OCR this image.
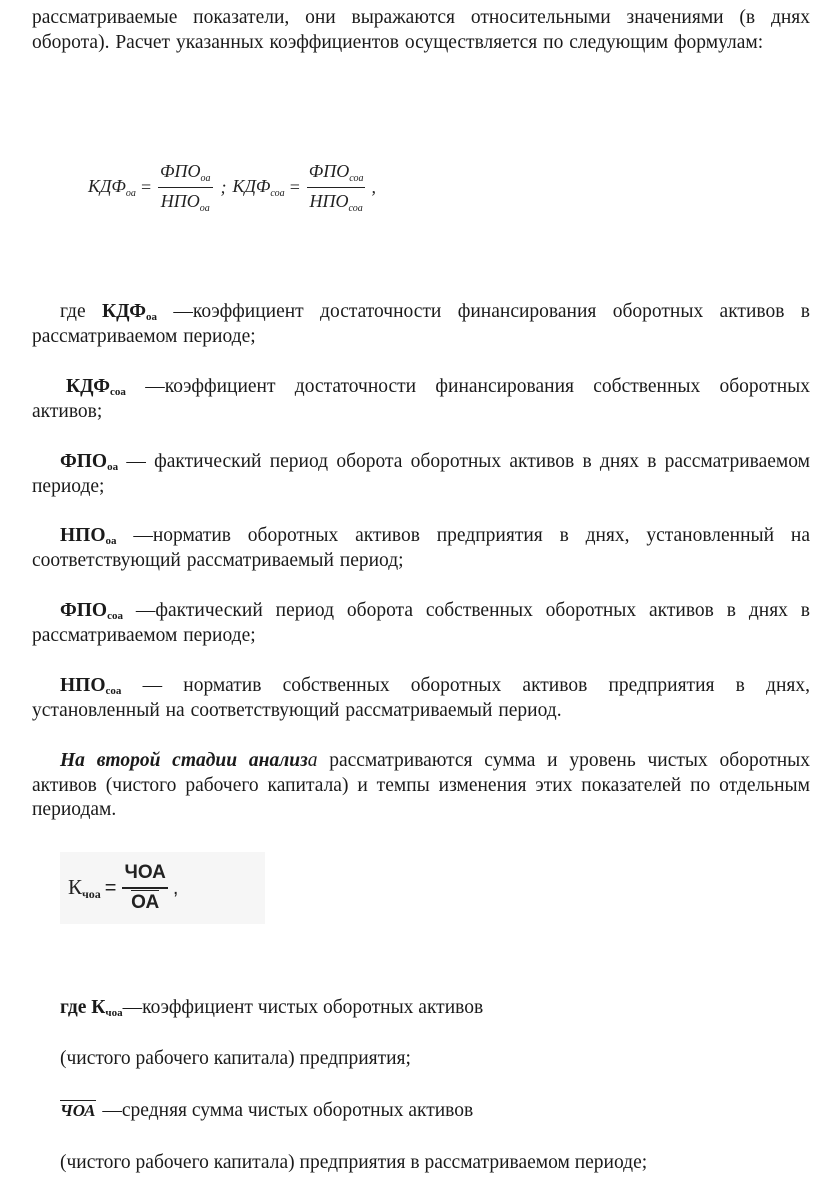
рассматриваемые показатели, они выражаются относительными значениями (в днях оборота). Расчет указанных коэффициентов осуществляется по следующим формулам:
$КДФ_{оа} = \frac{ФПО_{оа}}{НПО_{оа}}$ ; $КДФ_{соа} = \frac{ФПО_{соа}}{НПО_{соа}}$ ,
где $КДФ_{оа}$ —коэффициент достаточности финансирования оборотных активов в рассматриваемом периоде;
$КДФ_{соа}$ —коэффициент достаточности финансирования собственных оборотных активов;
$ФПО_{оа}$ — фактический период оборота оборотных активов в днях в рассматриваемом периоде;
$НПО_{оа}$ —норматив оборотных активов предприятия в днях, установленный на соответствующий рассматриваемый период;
$ФПО_{соа}$ —фактический период оборота собственных оборотных активов в днях в рассматриваемом периоде;
$НПО_{соа}$ — норматив собственных оборотных активов предприятия в днях, установленный на соответствующий рассматриваемый период.
На второй стадии анализа рассматриваются сумма и уровень чистых оборотных активов (чистого рабочего капитала) и темпы изменения этих показателей по отдельным периодам.
$К_{чоа} = \frac{\text{ЧОА}}{ОА}$ ,
где $К_{чоа}—коэффициент$ чистых оборотных активов
(чистого рабочего капитала) предприятия;
ЧОА —средняя сумма чистых оборотных активов
(чистого рабочего капитала) предприятия в рассматриваемом периоде;
